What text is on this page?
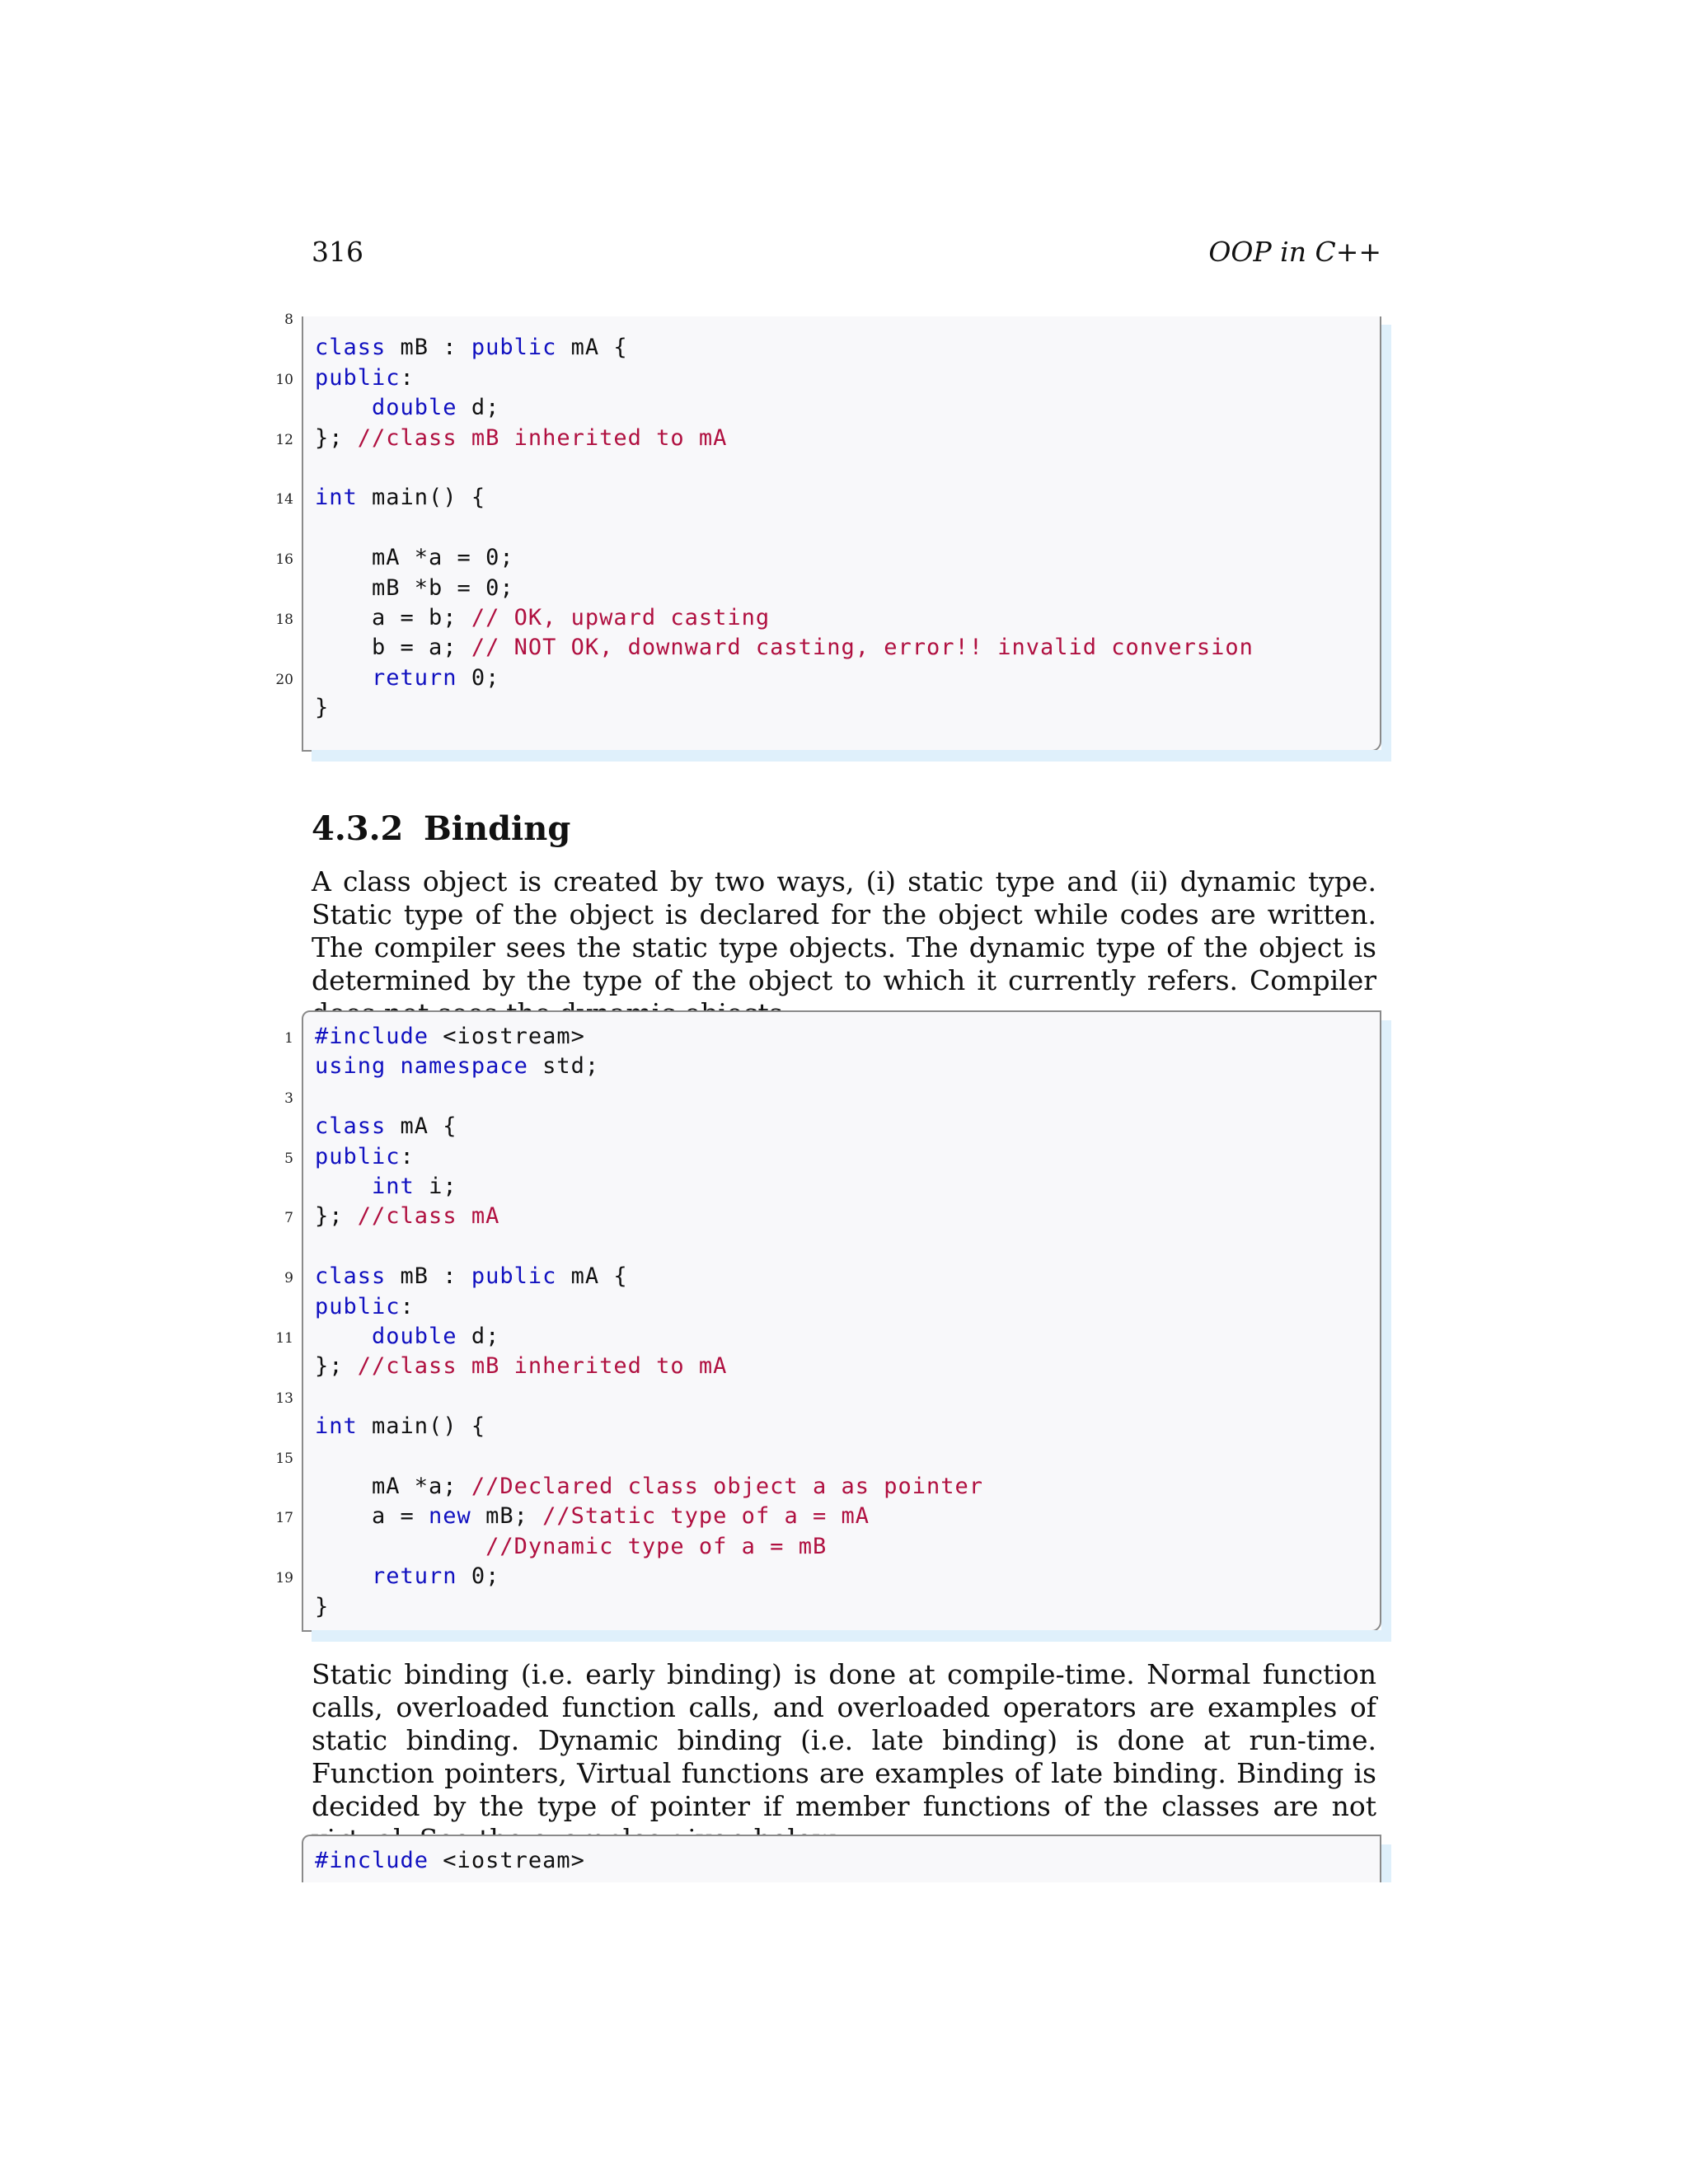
316	OOP in C++
class mB : public mA {
public:
double d;
}; //class mB inherited to mA
int main() {
mA *a = 0;
mB *b = 0;
a = b; // OK, upward casting
b = a; // NOT OK, downward casting, error!! invalid conversion
return 0;
}
8
10
12
14
16
18
20
4.3.2 Binding
A class object is created by two ways, (i) static type and (ii) dynamic type. Static type of the object is declared for the object while codes are written. The compiler sees the static type objects. The dynamic type of the object is determined by the type of the object to which it currently refers. Compiler
#include <iostream>
using namespace std;
class mA {
public:
int i;
}; //class mA
class mB : public mA {
public:
double d;
}; //class mB inherited to mA
int main() {
mA *a; //Declared class object a as pointer
a = new mB; //Static type of a = mA
//Dynamic type of a = mB
return 0;
}
1
3
5
7
9
11
13
15
17
19
Static binding (i.e. early binding) is done at compile-time. Normal function calls, overloaded function calls, and overloaded operators are examples of static binding. Dynamic binding (i.e. late binding) is done at run-time. Function pointers, Virtual functions are examples of late binding. Binding is decided by the type of pointer if member functions of the classes are not
#include <iostream>
